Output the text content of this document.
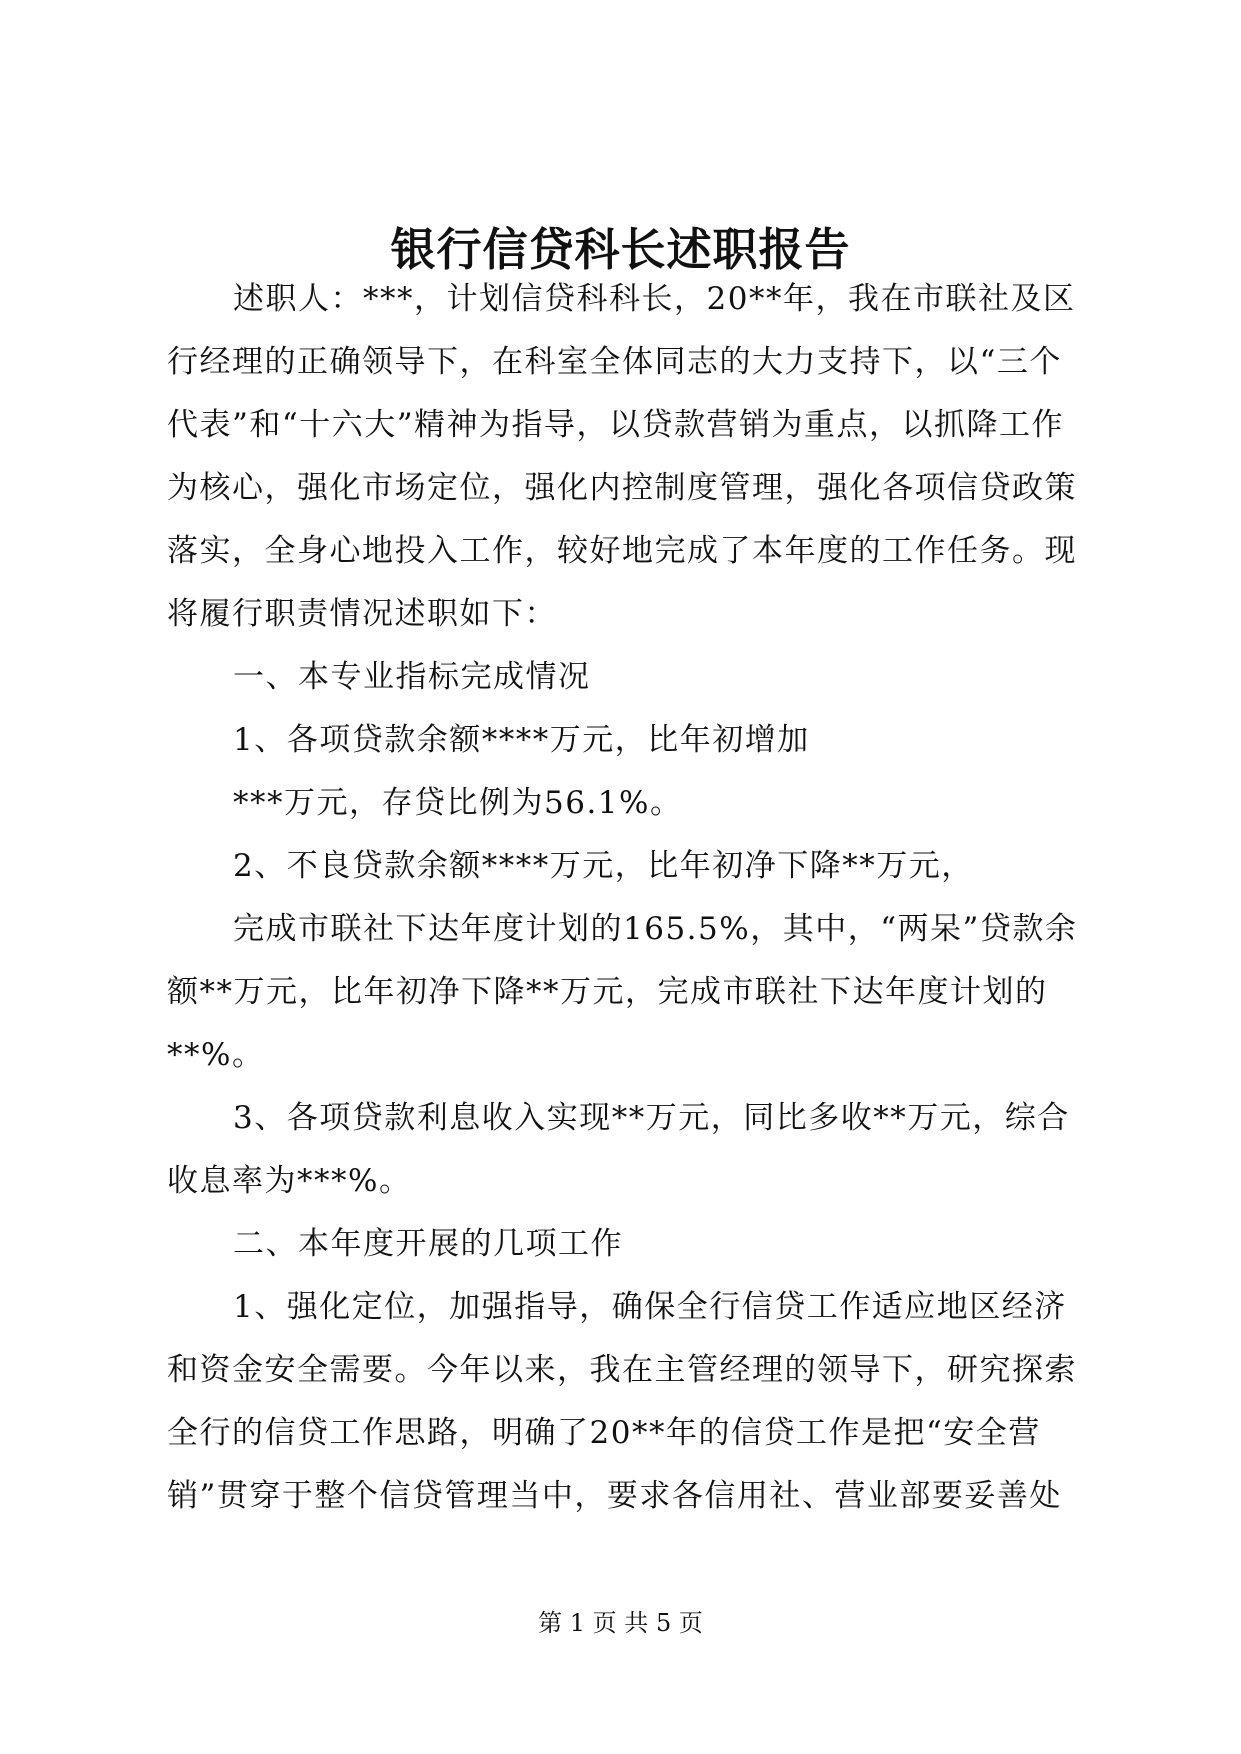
银行信贷科长述职报告

述职人：***，计划信贷科科长，20**年，我在市联社及区行经理的正确领导下，在科室全体同志的大力支持下，以“三个代表”和“十六大”精神为指导，以贷款营销为重点，以抓降工作为核心，强化市场定位，强化内控制度管理，强化各项信贷政策落实，全身心地投入工作，较好地完成了本年度的工作任务。现将履行职责情况述职如下：

一、本专业指标完成情况

1、各项贷款余额****万元，比年初增加

***万元，存贷比例为56.1%。

2、不良贷款余额****万元，比年初净下降**万元，

完成市联社下达年度计划的165.5%，其中，“两呆”贷款余额**万元，比年初净下降**万元，完成市联社下达年度计划的**%。

3、各项贷款利息收入实现**万元，同比多收**万元，综合收息率为***%。

二、本年度开展的几项工作

1、强化定位，加强指导，确保全行信贷工作适应地区经济和资金安全需要。今年以来，我在主管经理的领导下，研究探索全行的信贷工作思路，明确了20**年的信贷工作是把“安全营销”贯穿于整个信贷管理当中，要求各信用社、营业部要妥善处

第 1 页 共 5 页
